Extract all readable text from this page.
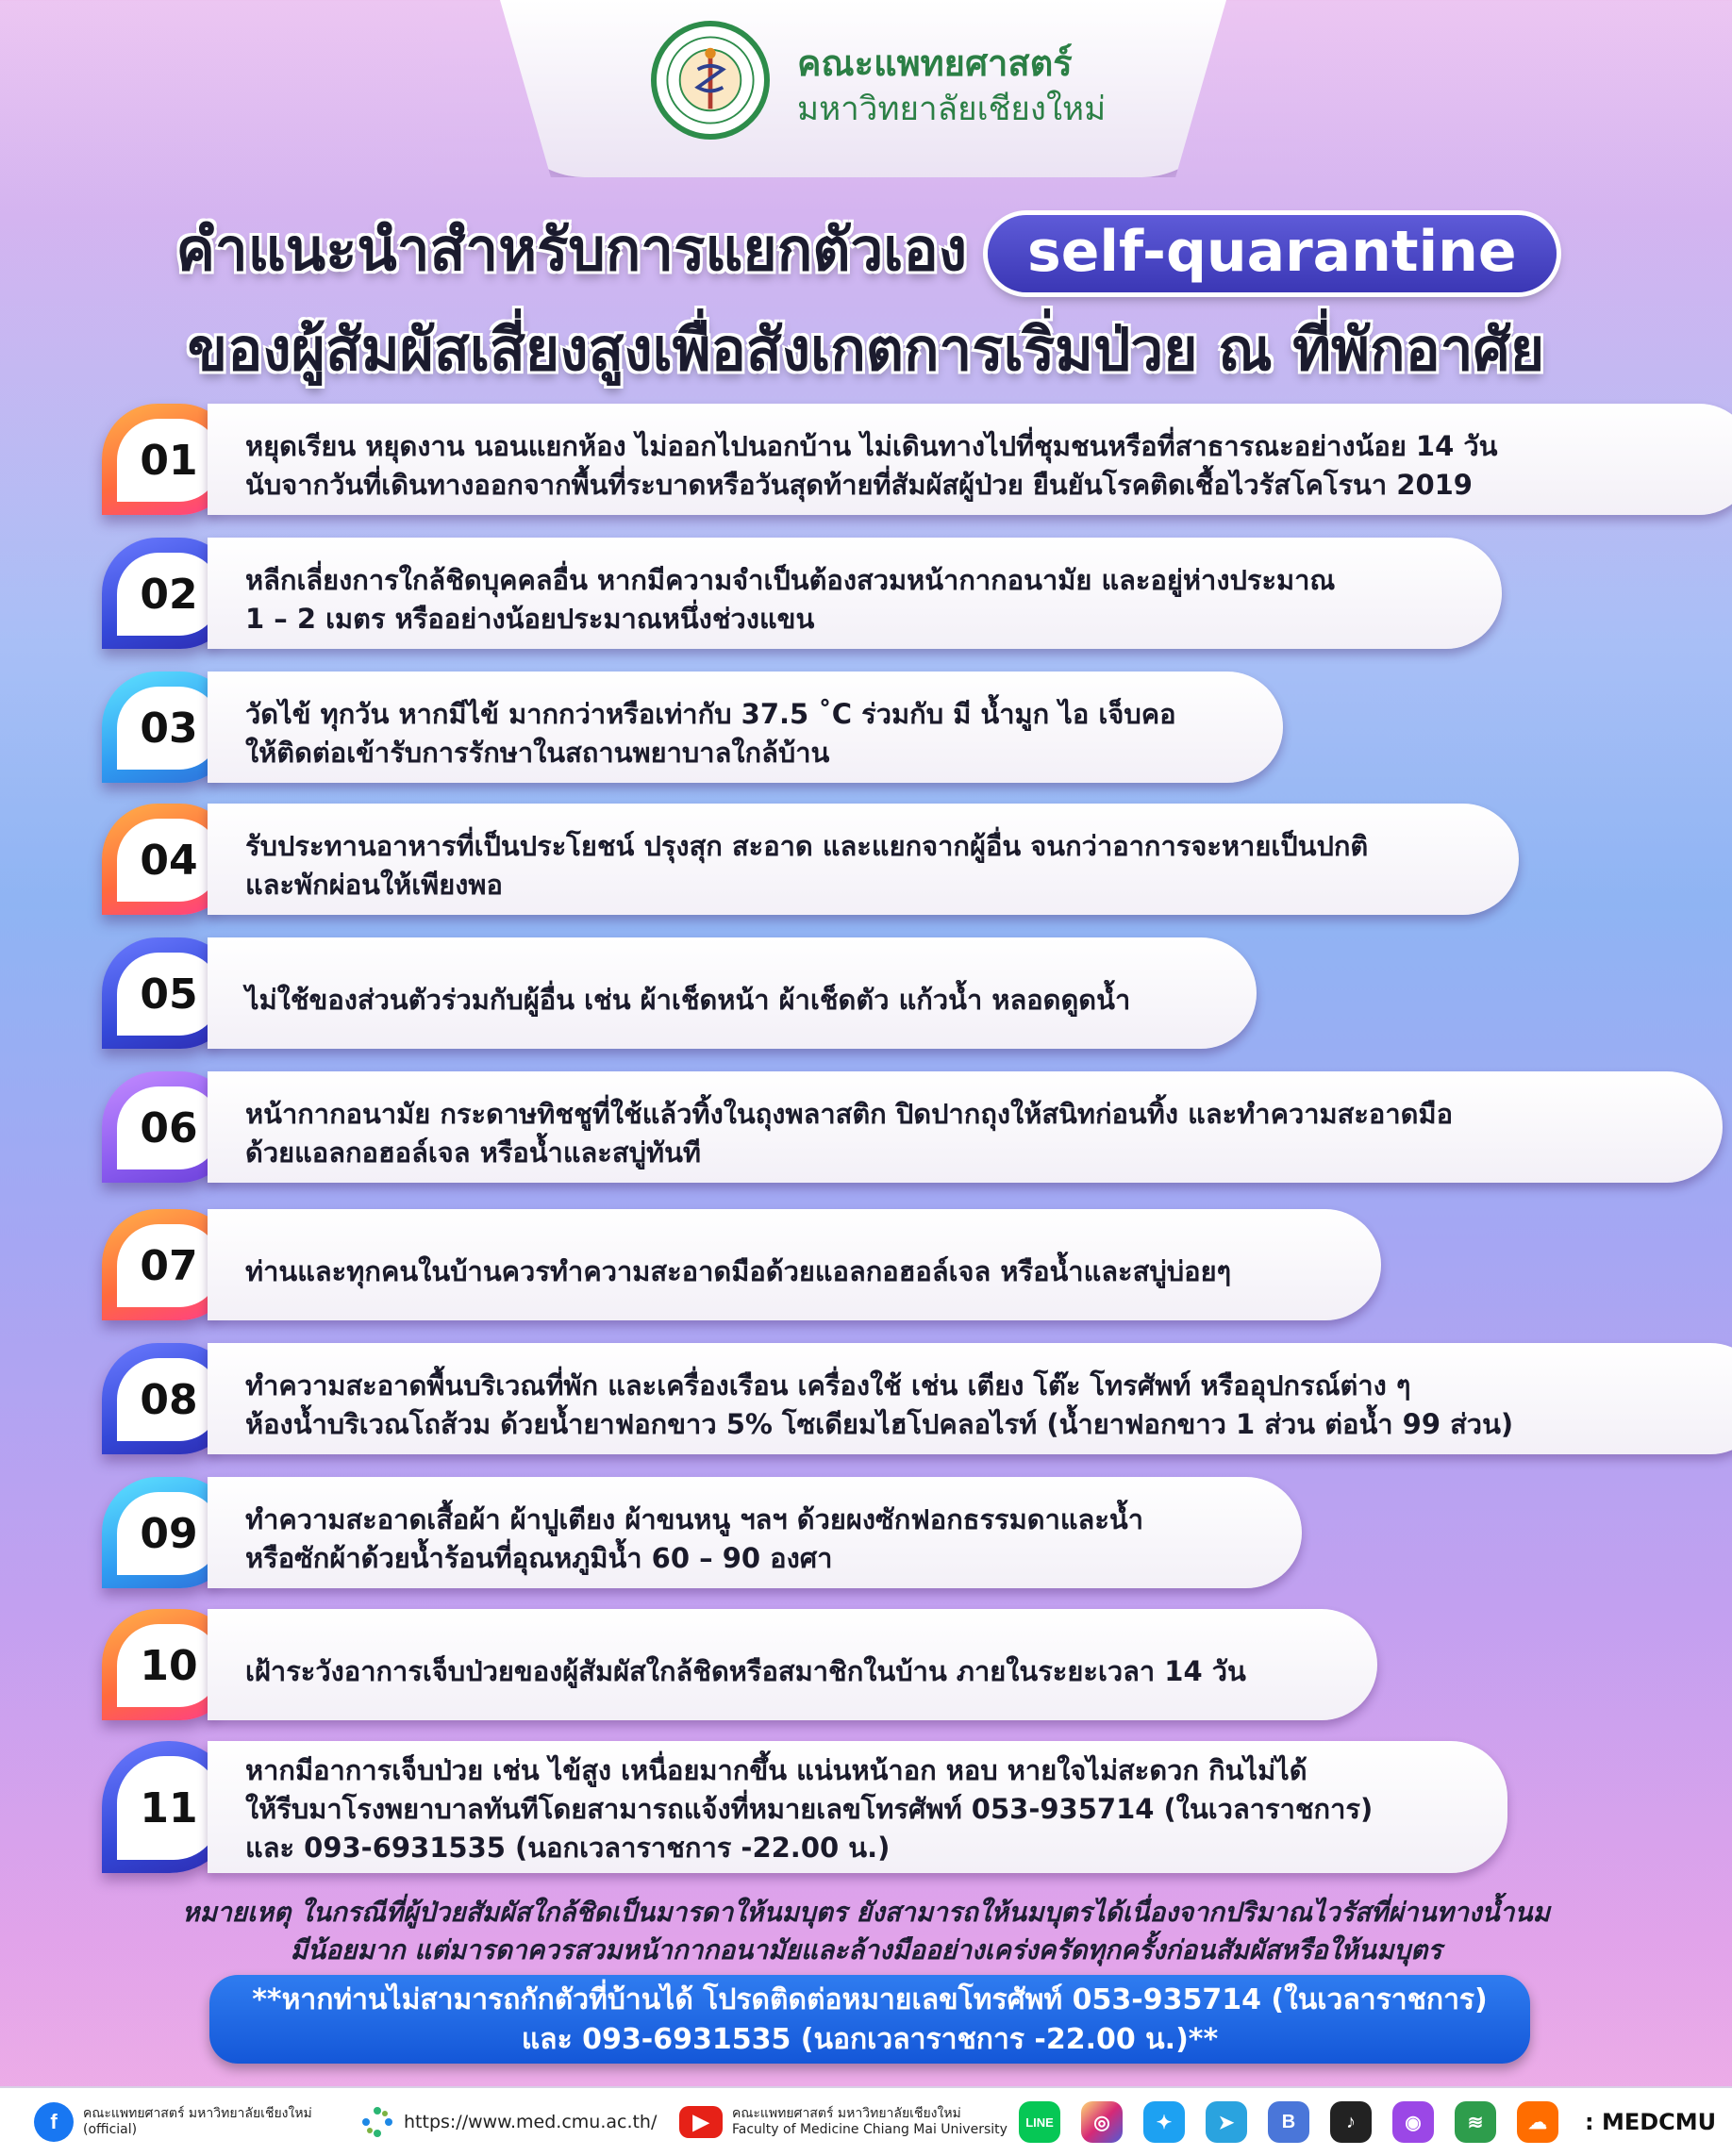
คณะแพทยศาสตร์
มหาวิทยาลัยเชียงใหม่
คำแนะนำสำหรับการแยกตัวเอง self-quarantine
ของผู้สัมผัสเสี่ยงสูงเพื่อสังเกตการเริ่มป่วย ณ ที่พักอาศัย
01	หยุดเรียน หยุดงาน นอนแยกห้อง ไม่ออกไปนอกบ้าน ไม่เดินทางไปที่ชุมชนหรือที่สาธารณะอย่างน้อย 14 วัน
นับจากวันที่เดินทางออกจากพื้นที่ระบาดหรือวันสุดท้ายที่สัมผัสผู้ป่วย ยืนยันโรคติดเชื้อไวรัสโคโรนา 2019
02	หลีกเลี่ยงการใกล้ชิดบุคคลอื่น หากมีความจำเป็นต้องสวมหน้ากากอนามัย และอยู่ห่างประมาณ
1 – 2 เมตร หรืออย่างน้อยประมาณหนึ่งช่วงแขน
03	วัดไข้ ทุกวัน หากมีไข้ มากกว่าหรือเท่ากับ 37.5 ˚C ร่วมกับ มี น้ำมูก ไอ เจ็บคอ
ให้ติดต่อเข้ารับการรักษาในสถานพยาบาลใกล้บ้าน
04	รับประทานอาหารที่เป็นประโยชน์ ปรุงสุก สะอาด และแยกจากผู้อื่น จนกว่าอาการจะหายเป็นปกติ
และพักผ่อนให้เพียงพอ
05	ไม่ใช้ของส่วนตัวร่วมกับผู้อื่น เช่น ผ้าเช็ดหน้า ผ้าเช็ดตัว แก้วน้ำ หลอดดูดน้ำ
06	หน้ากากอนามัย กระดาษทิชชูที่ใช้แล้วทิ้งในถุงพลาสติก ปิดปากถุงให้สนิทก่อนทิ้ง และทำความสะอาดมือ
ด้วยแอลกอฮอล์เจล หรือน้ำและสบู่ทันที
07	ท่านและทุกคนในบ้านควรทำความสะอาดมือด้วยแอลกอฮอล์เจล หรือน้ำและสบู่บ่อยๆ
08	ทำความสะอาดพื้นบริเวณที่พัก และเครื่องเรือน เครื่องใช้ เช่น เตียง โต๊ะ โทรศัพท์ หรืออุปกรณ์ต่าง ๆ
ห้องน้ำบริเวณโถส้วม ด้วยน้ำยาฟอกขาว 5% โซเดียมไฮโปคลอไรท์ (น้ำยาฟอกขาว 1 ส่วน ต่อน้ำ 99 ส่วน)
09	ทำความสะอาดเสื้อผ้า ผ้าปูเตียง ผ้าขนหนู ฯลฯ ด้วยผงซักฟอกธรรมดาและน้ำ
หรือซักผ้าด้วยน้ำร้อนที่อุณหภูมิน้ำ 60 – 90 องศา
10	เฝ้าระวังอาการเจ็บป่วยของผู้สัมผัสใกล้ชิดหรือสมาชิกในบ้าน ภายในระยะเวลา 14 วัน
11
หากมีอาการเจ็บป่วย เช่น ไข้สูง เหนื่อยมากขึ้น แน่นหน้าอก หอบ หายใจไม่สะดวก กินไม่ได้
ให้รีบมาโรงพยาบาลทันทีโดยสามารถแจ้งที่หมายเลขโทรศัพท์ 053-935714 (ในเวลาราชการ)
และ 093-6931535 (นอกเวลาราชการ -22.00 น.)
หมายเหตุ ในกรณีที่ผู้ป่วยสัมผัสใกล้ชิดเป็นมารดาให้นมบุตร ยังสามารถให้นมบุตรได้เนื่องจากปริมาณไวรัสที่ผ่านทางน้ำนม
มีน้อยมาก แต่มารดาควรสวมหน้ากากอนามัยและล้างมืออย่างเคร่งครัดทุกครั้งก่อนสัมผัสหรือให้นมบุตร
**หากท่านไม่สามารถกักตัวที่บ้านได้ โปรดติดต่อหมายเลขโทรศัพท์ 053-935714 (ในเวลาราชการ)
และ 093-6931535 (นอกเวลาราชการ -22.00 น.)**
f	คณะแพทยศาสตร์ มหาวิทยาลัยเชียงใหม่
(official)	https://www.med.cmu.ac.th/	▶	คณะแพทยศาสตร์ มหาวิทยาลัยเชียงใหม่
Faculty of Medicine Chiang Mai University	LINE	◎	✦	➤	B	♪	◉	≋	☁	: MEDCMU
